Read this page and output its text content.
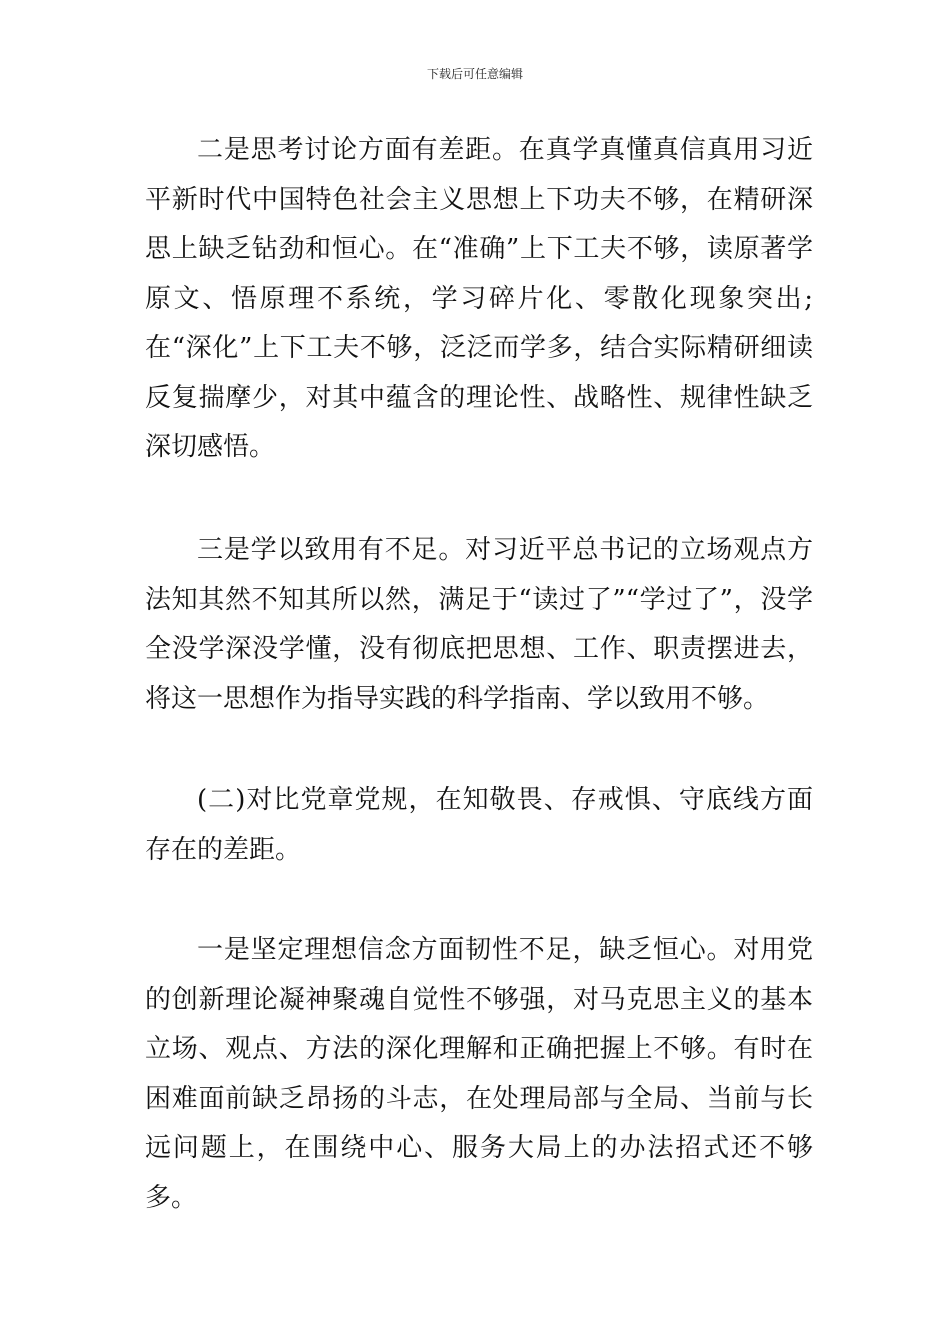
下载后可任意编辑

二是思考讨论方面有差距。在真学真懂真信真用习近平新时代中国特色社会主义思想上下功夫不够，在精研深思上缺乏钻劲和恒心。在“准确”上下工夫不够，读原著学原文、悟原理不系统，学习碎片化、零散化现象突出;在“深化”上下工夫不够，泛泛而学多，结合实际精研细读反复揣摩少，对其中蕴含的理论性、战略性、规律性缺乏深切感悟。

三是学以致用有不足。对习近平总书记的立场观点方法知其然不知其所以然，满足于“读过了”“学过了”，没学全没学深没学懂，没有彻底把思想、工作、职责摆进去，将这一思想作为指导实践的科学指南、学以致用不够。

(二)对比党章党规，在知敬畏、存戒惧、守底线方面存在的差距。

一是坚定理想信念方面韧性不足，缺乏恒心。对用党的创新理论凝神聚魂自觉性不够强，对马克思主义的基本立场、观点、方法的深化理解和正确把握上不够。有时在困难面前缺乏昂扬的斗志，在处理局部与全局、当前与长远问题上，在围绕中心、服务大局上的办法招式还不够多。
